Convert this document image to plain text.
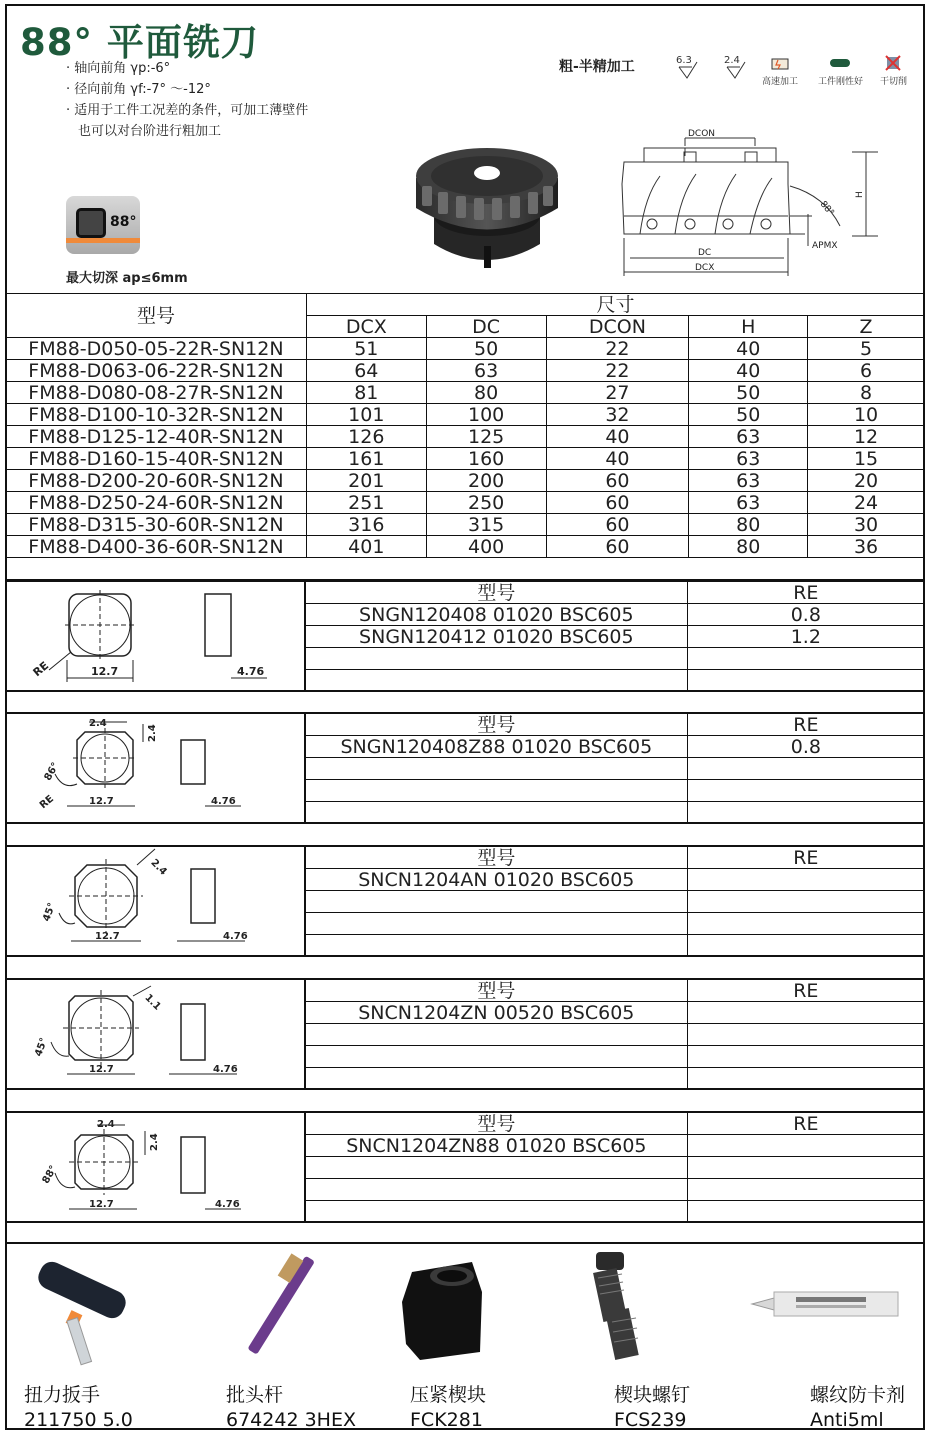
88° 平面铣刀
· 轴向前角 γp:-6°
· 径向前角 γf:-7° ～-12°
· 适用于工件工况差的条件，可加工薄壁件
也可以对台阶进行粗加工
88°
最大切深 ap≤6mm
粗-半精加工	6.3	2.4
高速加工 工件刚性好 干切削
DCON
DC
DCX
H
APMX
88°
型号	尺寸				
	DCX	DC	DCON	H	Z
FM88-D050-05-22R-SN12N	51	50	22	40	5
FM88-D063-06-22R-SN12N	64	63	22	40	6
FM88-D080-08-27R-SN12N	81	80	27	50	8
FM88-D100-10-32R-SN12N	101	100	32	50	10
FM88-D125-12-40R-SN12N	126	125	40	63	12
FM88-D160-15-40R-SN12N	161	160	40	63	15
FM88-D200-20-60R-SN12N	201	200	60	63	20
FM88-D250-24-60R-SN12N	251	250	60	63	24
FM88-D315-30-60R-SN12N	316	315	60	80	30
FM88-D400-36-60R-SN12N	401	400	60	80	36

RE	12.7	4.76
型号	RE
SNGN120408 01020 BSC605	0.8
SNGN120412 01020 BSC605	1.2

2.4
2.4
86°
RE	12.7	4.76
型号	RE
SNGN120408Z88 01020 BSC605	0.8

2.4
45°
12.7	4.76
型号	RE
SNCN1204AN 01020 BSC605	

1.1
45°
12.7	4.76
型号	RE
SNCN1204ZN 00520 BSC605	

2.4
2.4
88°
12.7	4.76
型号	RE
SNCN1204ZN88 01020 BSC605	

扭力扳手
211750 5.0
批头杆
674242 3HEX
压紧楔块
FCK281
楔块螺钉
FCS239
螺纹防卡剂
Anti5ml
